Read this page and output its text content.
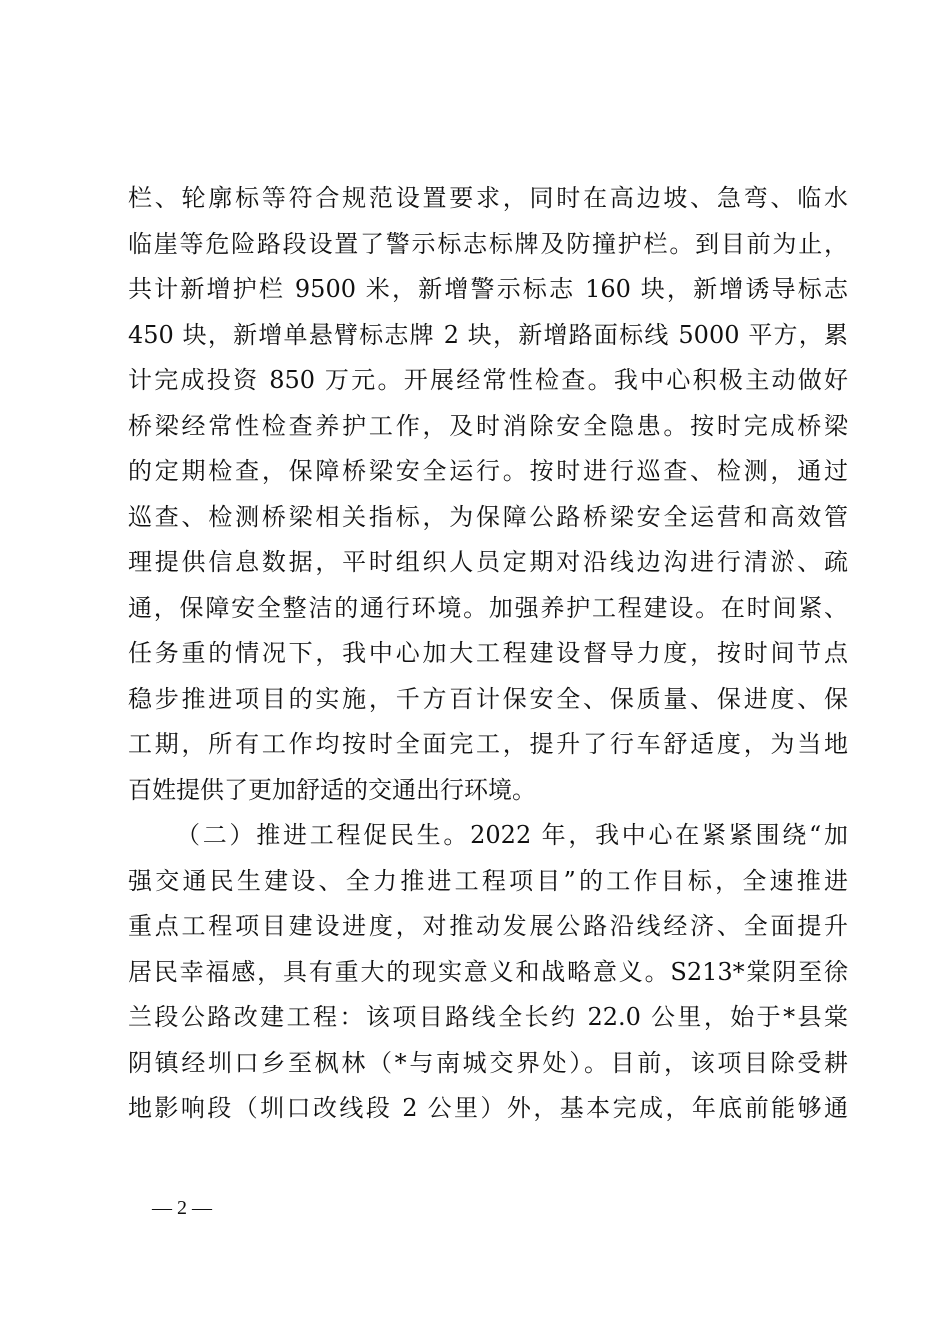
栏、轮廓标等符合规范设置要求，同时在高边坡、急弯、临水
临崖等危险路段设置了警示标志标牌及防撞护栏。到目前为止，
共计新增护栏 9500 米，新增警示标志 160 块，新增诱导标志
450 块，新增单悬臂标志牌 2 块，新增路面标线 5000 平方，累
计完成投资 850 万元。开展经常性检查。我中心积极主动做好
桥梁经常性检查养护工作，及时消除安全隐患。按时完成桥梁
的定期检查，保障桥梁安全运行。按时进行巡查、检测，通过
巡查、检测桥梁相关指标，为保障公路桥梁安全运营和高效管
理提供信息数据，平时组织人员定期对沿线边沟进行清淤、疏
通，保障安全整洁的通行环境。加强养护工程建设。在时间紧、
任务重的情况下，我中心加大工程建设督导力度，按时间节点
稳步推进项目的实施，千方百计保安全、保质量、保进度、保
工期，所有工作均按时全面完工，提升了行车舒适度，为当地
百姓提供了更加舒适的交通出行环境。
（二）推进工程促民生。2022 年，我中心在紧紧围绕“加
强交通民生建设、全力推进工程项目”的工作目标，全速推进
重点工程项目建设进度，对推动发展公路沿线经济、全面提升
居民幸福感，具有重大的现实意义和战略意义。S213*棠阴至徐
兰段公路改建工程：该项目路线全长约 22.0 公里，始于*县棠
阴镇经圳口乡至枫林（*与南城交界处）。目前，该项目除受耕
地影响段（圳口改线段 2 公里）外，基本完成，年底前能够通
— 2 —
